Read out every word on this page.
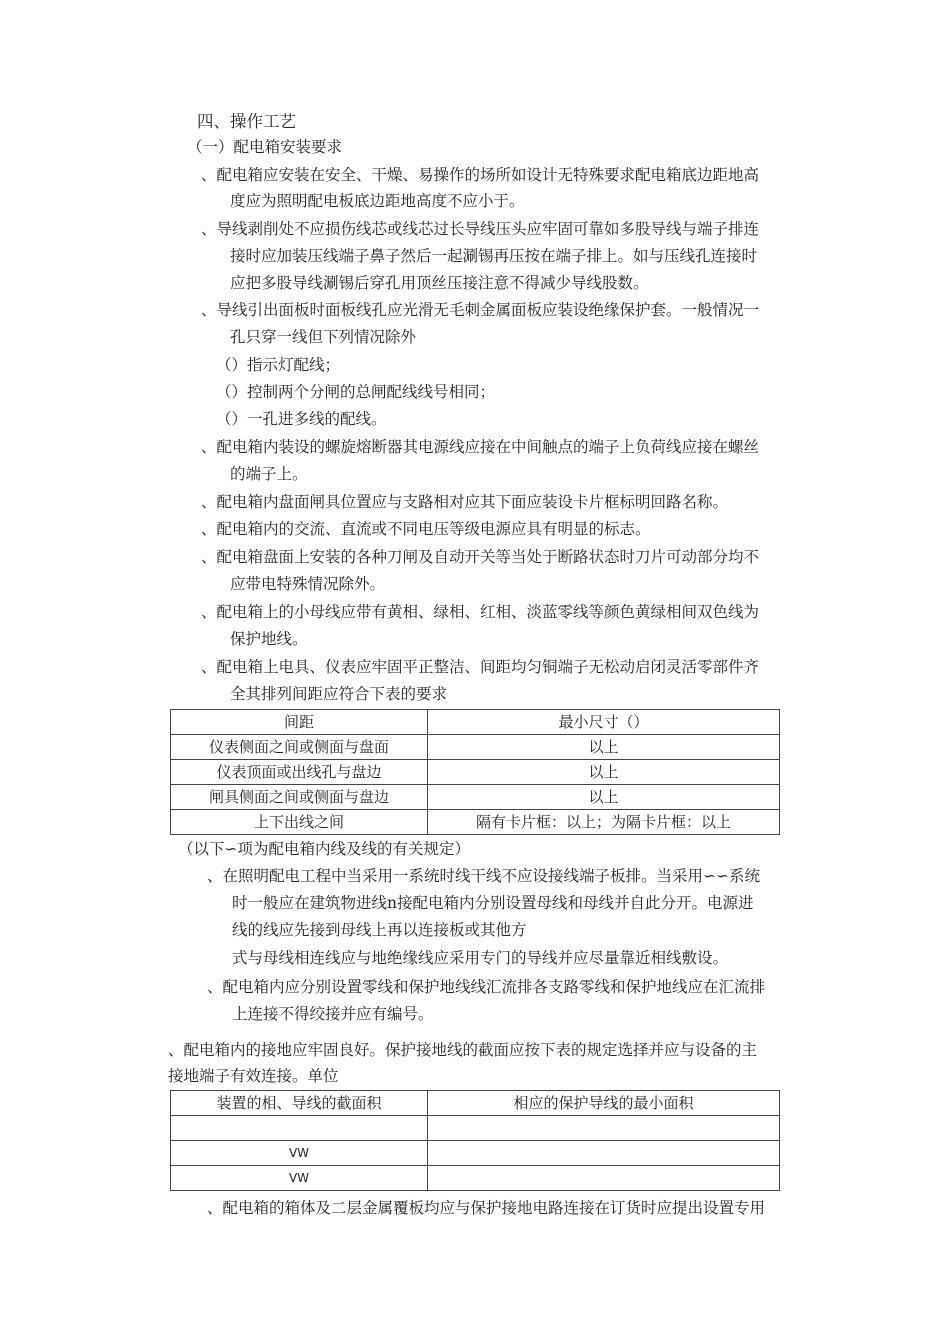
四、操作工艺
（一）配电箱安装要求
、配电箱应安装在安全、干燥、易操作的场所如设计无特殊要求配电箱底边距地高
度应为照明配电板底边距地高度不应小于。
、导线剥削处不应损伤线芯或线芯过长导线压头应牢固可靠如多股导线与端子排连
接时应加装压线端子鼻子然后一起涮锡再压按在端子排上。如与压线孔连接时
应把多股导线涮锡后穿孔用顶丝压接注意不得减少导线股数。
、导线引出面板时面板线孔应光滑无毛刺金属面板应装设绝缘保护套。一般情况一
孔只穿一线但下列情况除外
（）指示灯配线；
（）控制两个分闸的总闸配线线号相同；
（）一孔进多线的配线。
、配电箱内装设的螺旋熔断器其电源线应接在中间触点的端子上负荷线应接在螺丝
的端子上。
、配电箱内盘面闸具位置应与支路相对应其下面应装设卡片框标明回路名称。
、配电箱内的交流、直流或不同电压等级电源应具有明显的标志。
、配电箱盘面上安装的各种刀闸及自动开关等当处于断路状态时刀片可动部分均不
应带电特殊情况除外。
、配电箱上的小母线应带有黄相、绿相、红相、淡蓝零线等颜色黄绿相间双色线为
保护地线。
、配电箱上电具、仪表应牢固平正整洁、间距均匀铜端子无松动启闭灵活零部件齐
全其排列间距应符合下表的要求
间距	最小尺寸（）
仪表侧面之间或侧面与盘面	以上
仪表顶面或出线孔与盘边	以上
闸具侧面之间或侧面与盘边	以上
上下出线之间	隔有卡片框：以上；为隔卡片框：以上
（以下∽项为配电箱内线及线的有关规定）
、在照明配电工程中当采用一系统时线干线不应设接线端子板排。当采用∽∽系统
时一般应在建筑物进线n接配电箱内分别设置母线和母线并自此分开。电源进
线的线应先接到母线上再以连接板或其他方
式与母线相连线应与地绝缘线应采用专门的导线并应尽量靠近相线敷设。
、配电箱内应分别设置零线和保护地线线汇流排各支路零线和保护地线应在汇流排
上连接不得绞接并应有编号。
、配电箱内的接地应牢固良好。保护接地线的截面应按下表的规定选择并应与设备的主
接地端子有效连接。单位
装置的相、导线的截面积	相应的保护导线的最小面积

VW	
VW	
、配电箱的箱体及二层金属覆板均应与保护接地电路连接在订货时应提出设置专用
